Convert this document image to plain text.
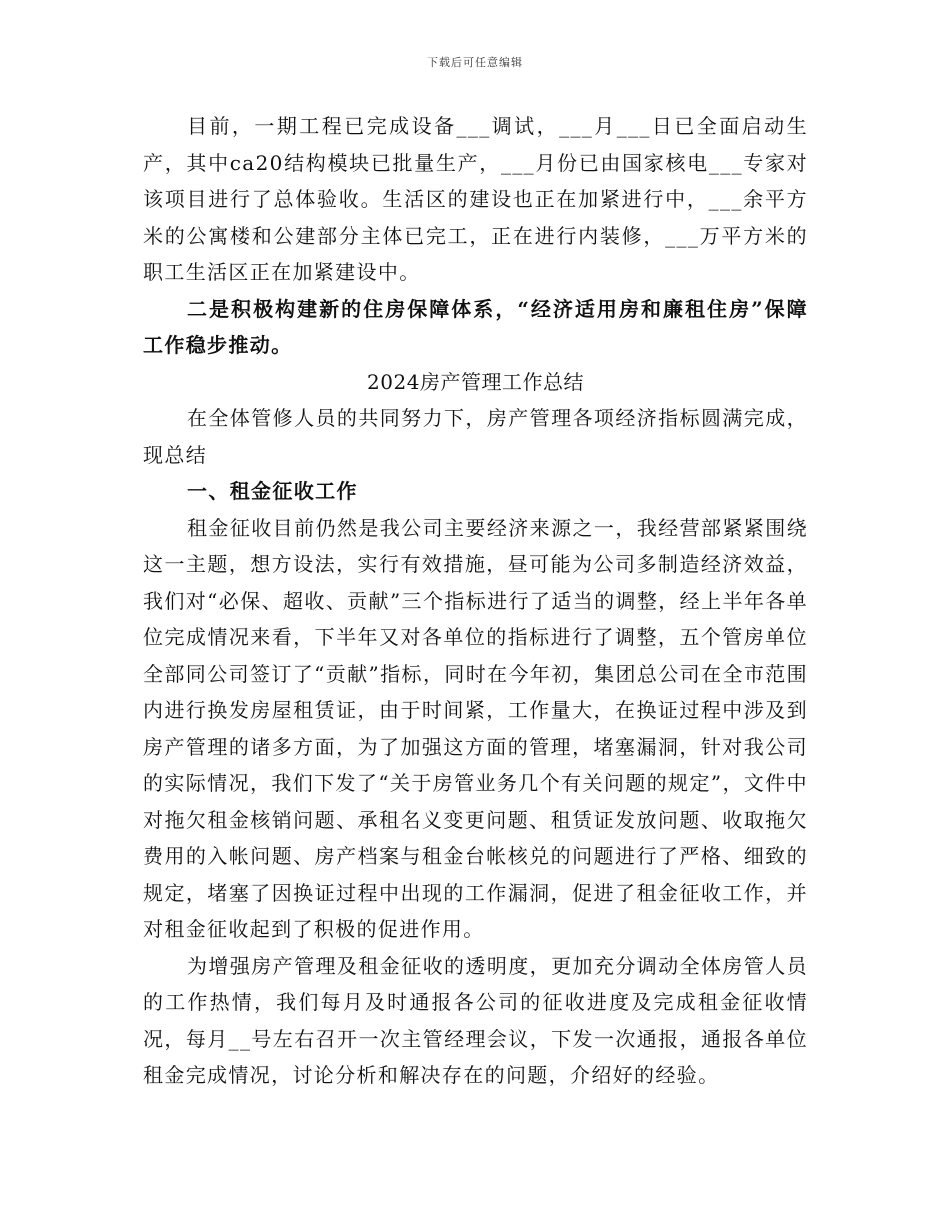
下载后可任意编辑

目前，一期工程已完成设备___调试，___月___日已全面启动生产，其中ca20结构模块已批量生产，___月份已由国家核电___专家对该项目进行了总体验收。生活区的建设也正在加紧进行中，___余平方米的公寓楼和公建部分主体已完工，正在进行内装修，___万平方米的职工生活区正在加紧建设中。

二是积极构建新的住房保障体系，“经济适用房和廉租住房”保障工作稳步推动。

2024房产管理工作总结

在全体管修人员的共同努力下，房产管理各项经济指标圆满完成，现总结

一、租金征收工作

租金征收目前仍然是我公司主要经济来源之一，我经营部紧紧围绕这一主题，想方设法，实行有效措施，昼可能为公司多制造经济效益，我们对“必保、超收、贡献”三个指标进行了适当的调整，经上半年各单位完成情况来看，下半年又对各单位的指标进行了调整，五个管房单位全部同公司签订了“贡献”指标，同时在今年初，集团总公司在全市范围内进行换发房屋租赁证，由于时间紧，工作量大，在换证过程中涉及到房产管理的诸多方面，为了加强这方面的管理，堵塞漏洞，针对我公司的实际情况，我们下发了“关于房管业务几个有关问题的规定”，文件中对拖欠租金核销问题、承租名义变更问题、租赁证发放问题、收取拖欠费用的入帐问题、房产档案与租金台帐核兑的问题进行了严格、细致的规定，堵塞了因换证过程中出现的工作漏洞，促进了租金征收工作，并对租金征收起到了积极的促进作用。

为增强房产管理及租金征收的透明度，更加充分调动全体房管人员的工作热情，我们每月及时通报各公司的征收进度及完成租金征收情况，每月__号左右召开一次主管经理会议，下发一次通报，通报各单位租金完成情况，讨论分析和解决存在的问题，介绍好的经验。
